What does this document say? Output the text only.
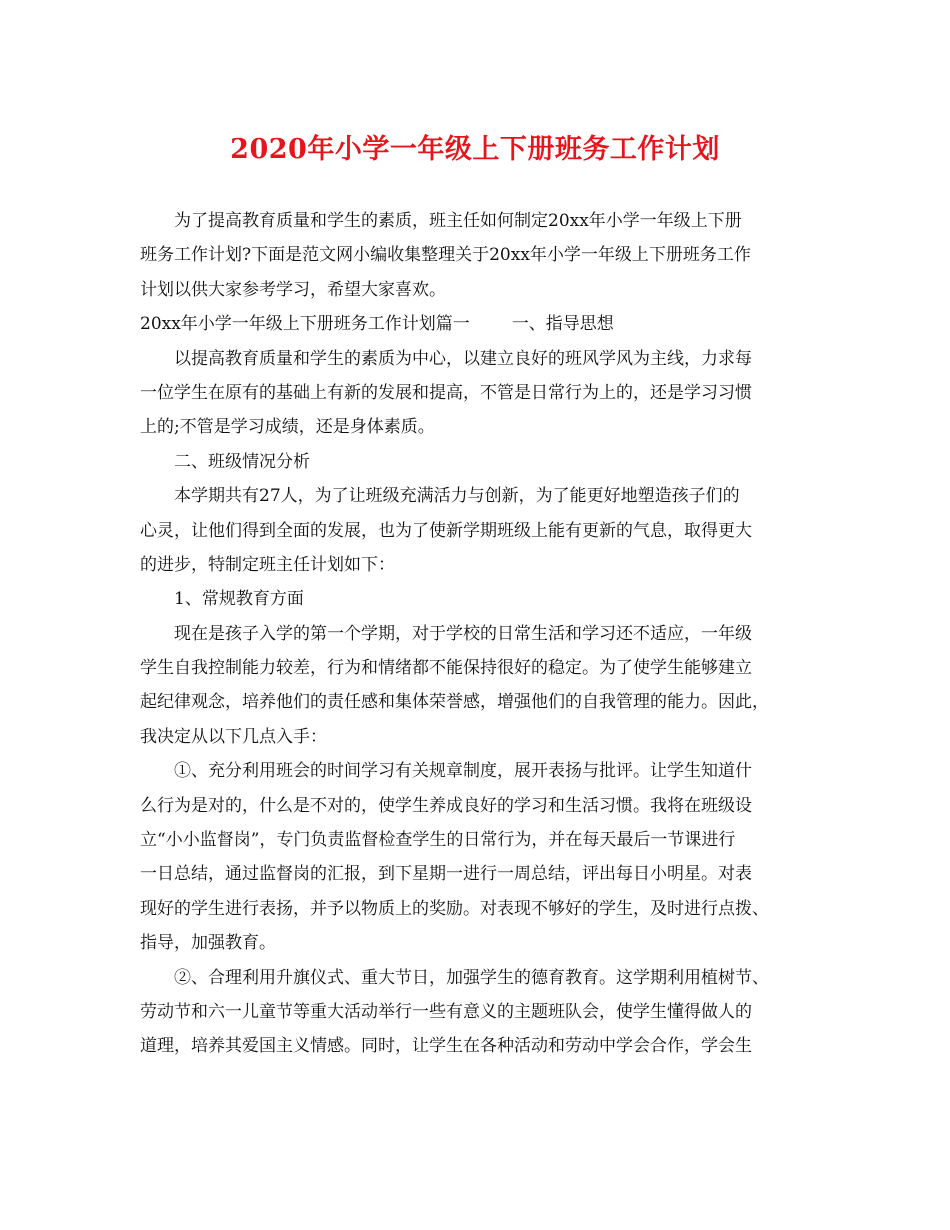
2020年小学一年级上下册班务工作计划
为了提高教育质量和学生的素质，班主任如何制定20xx年小学一年级上下册
班务工作计划?下面是范文网小编收集整理关于20xx年小学一年级上下册班务工作
计划以供大家参考学习，希望大家喜欢。
20xx年小学一年级上下册班务工作计划篇一 一、指导思想
以提高教育质量和学生的素质为中心，以建立良好的班风学风为主线，力求每
一位学生在原有的基础上有新的发展和提高，不管是日常行为上的，还是学习习惯
上的;不管是学习成绩，还是身体素质。
二、班级情况分析
本学期共有27人，为了让班级充满活力与创新，为了能更好地塑造孩子们的
心灵，让他们得到全面的发展，也为了使新学期班级上能有更新的气息，取得更大
的进步，特制定班主任计划如下：
1、常规教育方面
现在是孩子入学的第一个学期，对于学校的日常生活和学习还不适应，一年级
学生自我控制能力较差，行为和情绪都不能保持很好的稳定。为了使学生能够建立
起纪律观念，培养他们的责任感和集体荣誉感，增强他们的自我管理的能力。因此，
我决定从以下几点入手：
①、充分利用班会的时间学习有关规章制度，展开表扬与批评。让学生知道什
么行为是对的，什么是不对的，使学生养成良好的学习和生活习惯。我将在班级设
立“小小监督岗”，专门负责监督检查学生的日常行为，并在每天最后一节课进行
一日总结，通过监督岗的汇报，到下星期一进行一周总结，评出每日小明星。对表
现好的学生进行表扬，并予以物质上的奖励。对表现不够好的学生，及时进行点拨、
指导，加强教育。
②、合理利用升旗仪式、重大节日，加强学生的德育教育。这学期利用植树节、
劳动节和六一儿童节等重大活动举行一些有意义的主题班队会，使学生懂得做人的
道理，培养其爱国主义情感。同时，让学生在各种活动和劳动中学会合作，学会生
